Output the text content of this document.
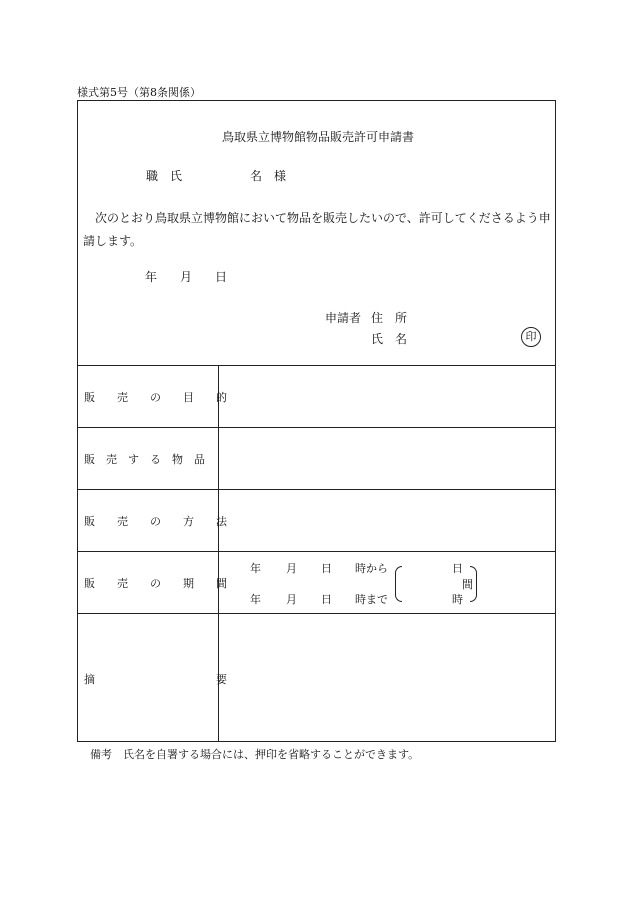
様式第5号（第8条関係）
鳥取県立博物館物品販売許可申請書
職　氏	名　様
次のとおり鳥取県立博物館において物品を販売したいので、許可してくださるよう申
請します。
年 月 日
申請者 住　所
氏　名	印
販　　売　　の　　目　　的
販　売　す　る　物　品
販　　売　　の　　方　　法
販　　売　　の　　期　　間
摘　　　　　　　　　　　要
年 月 日 時から
年 月 日 時まで
日
間
時
備考　氏名を自署する場合には、押印を省略することができます。
